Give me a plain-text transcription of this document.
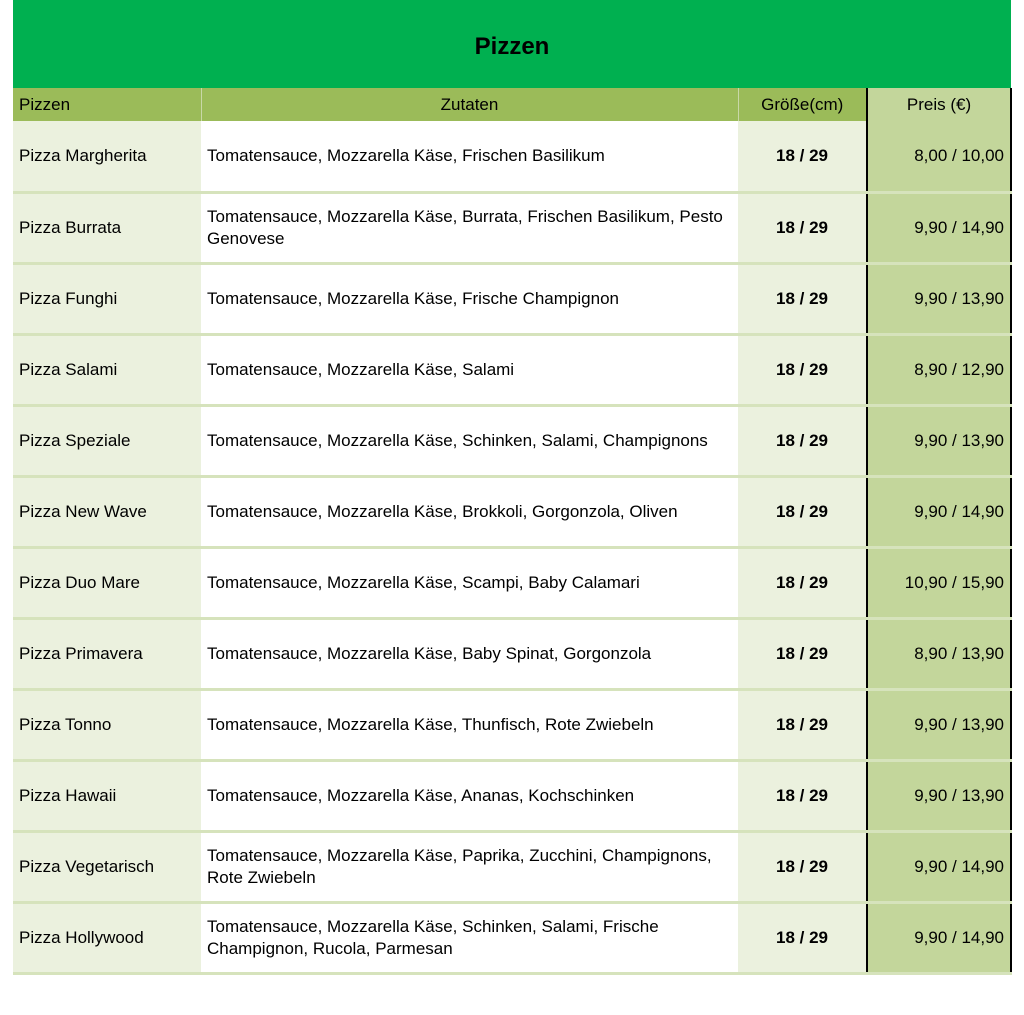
Pizzen
Pizzen	Zutaten	Größe(cm)	Preis (€)
Pizza Margherita	Tomatensauce, Mozzarella Käse, Frischen Basilikum	18 / 29	8,00 / 10,00
Pizza Burrata	Tomatensauce, Mozzarella Käse, Burrata, Frischen Basilikum, Pesto Genovese	18 / 29	9,90 / 14,90
Pizza Funghi	Tomatensauce, Mozzarella Käse, Frische Champignon	18 / 29	9,90 / 13,90
Pizza Salami	Tomatensauce, Mozzarella Käse, Salami	18 / 29	8,90 / 12,90
Pizza Speziale	Tomatensauce, Mozzarella Käse, Schinken, Salami, Champignons	18 / 29	9,90 / 13,90
Pizza New Wave	Tomatensauce, Mozzarella Käse, Brokkoli, Gorgonzola, Oliven	18 / 29	9,90 / 14,90
Pizza Duo Mare	Tomatensauce, Mozzarella Käse, Scampi, Baby Calamari	18 / 29	10,90 / 15,90
Pizza Primavera	Tomatensauce, Mozzarella Käse, Baby Spinat, Gorgonzola	18 / 29	8,90 / 13,90
Pizza Tonno	Tomatensauce, Mozzarella Käse, Thunfisch, Rote Zwiebeln	18 / 29	9,90 / 13,90
Pizza Hawaii	Tomatensauce, Mozzarella Käse, Ananas, Kochschinken	18 / 29	9,90 / 13,90
Pizza Vegetarisch	Tomatensauce, Mozzarella Käse, Paprika, Zucchini, Champignons, Rote Zwiebeln	18 / 29	9,90 / 14,90
Pizza Hollywood	Tomatensauce, Mozzarella Käse, Schinken, Salami, Frische Champignon, Rucola, Parmesan	18 / 29	9,90 / 14,90
